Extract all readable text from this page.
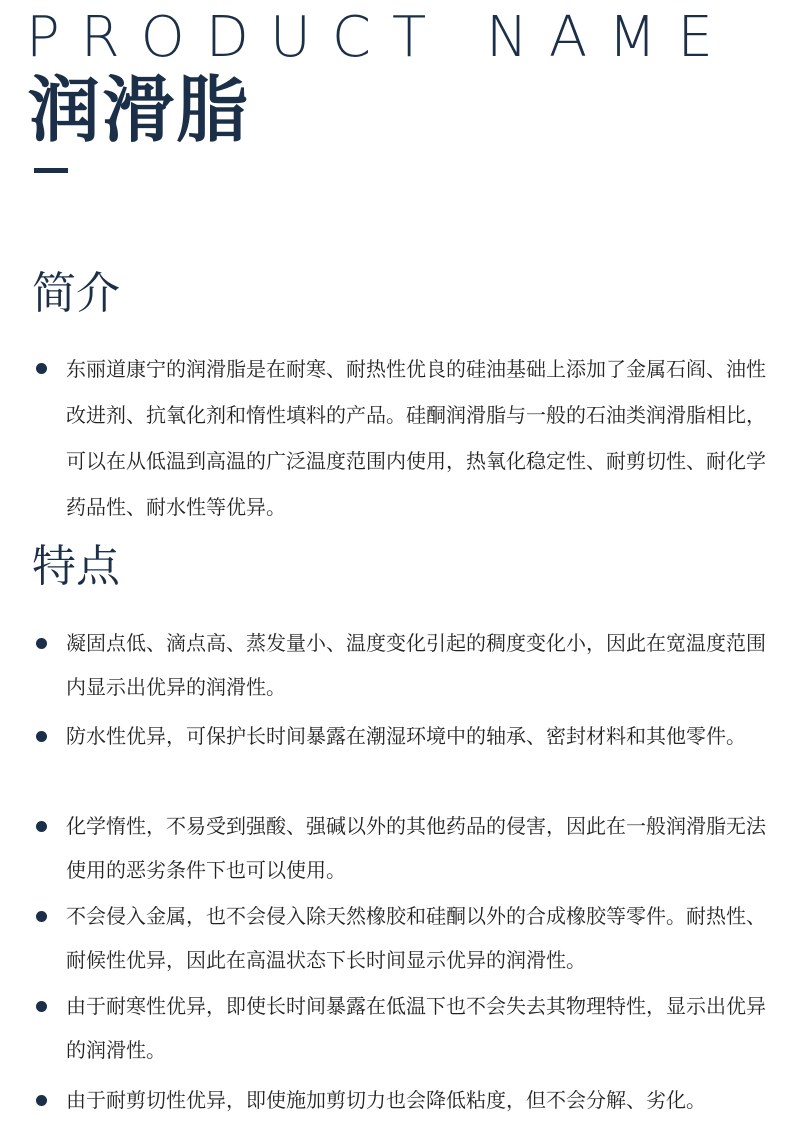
PRODUCT NAME
润滑脂
简介

东丽道康宁的润滑脂是在耐寒、耐热性优良的硅油基础上添加了金属石阎、油性改进剂、抗氧化剂和惰性填料的产品。硅酮润滑脂与一般的石油类润滑脂相比，可以在从低温到高温的广泛温度范围内使用，热氧化稳定性、耐剪切性、耐化学药品性、耐水性等优异。

特点

凝固点低、滴点高、蒸发量小、温度变化引起的稠度变化小，因此在宽温度范围内显示出优异的润滑性。

防水性优异，可保护长时间暴露在潮湿环境中的轴承、密封材料和其他零件。

化学惰性，不易受到强酸、强碱以外的其他药品的侵害，因此在一般润滑脂无法使用的恶劣条件下也可以使用。

不会侵入金属，也不会侵入除天然橡胶和硅酮以外的合成橡胶等零件。耐热性、耐候性优异，因此在高温状态下长时间显示优异的润滑性。

由于耐寒性优异，即使长时间暴露在低温下也不会失去其物理特性，显示出优异的润滑性。

由于耐剪切性优异，即使施加剪切力也会降低粘度，但不会分解、劣化。
